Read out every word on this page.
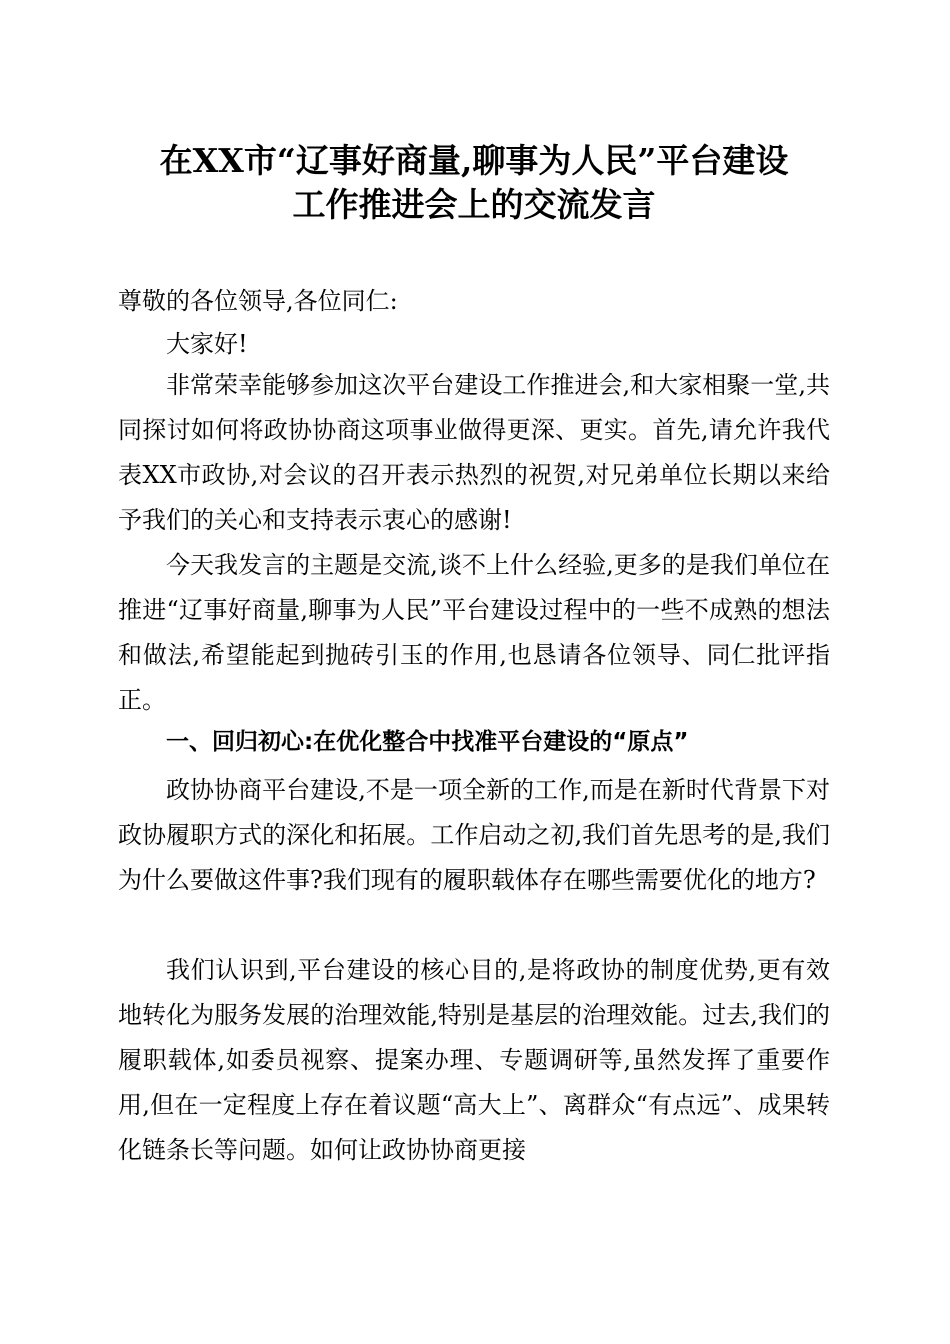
在XX市“辽事好商量,聊事为人民”平台建设
工作推进会上的交流发言
尊敬的各位领导,各位同仁:
大家好!
非常荣幸能够参加这次平台建设工作推进会,和大家相聚一堂,共同探讨如何将政协协商这项事业做得更深、更实。首先,请允许我代表XX市政协,对会议的召开表示热烈的祝贺,对兄弟单位长期以来给予我们的关心和支持表示衷心的感谢!
今天我发言的主题是交流,谈不上什么经验,更多的是我们单位在推进“辽事好商量,聊事为人民”平台建设过程中的一些不成熟的想法和做法,希望能起到抛砖引玉的作用,也恳请各位领导、同仁批评指正。
一、回归初心:在优化整合中找准平台建设的“原点”
政协协商平台建设,不是一项全新的工作,而是在新时代背景下对政协履职方式的深化和拓展。工作启动之初,我们首先思考的是,我们为什么要做这件事?我们现有的履职载体存在哪些需要优化的地方?
我们认识到,平台建设的核心目的,是将政协的制度优势,更有效地转化为服务发展的治理效能,特别是基层的治理效能。过去,我们的履职载体,如委员视察、提案办理、专题调研等,虽然发挥了重要作用,但在一定程度上存在着议题“高大上”、离群众“有点远”、成果转化链条长等问题。如何让政协协商更接
